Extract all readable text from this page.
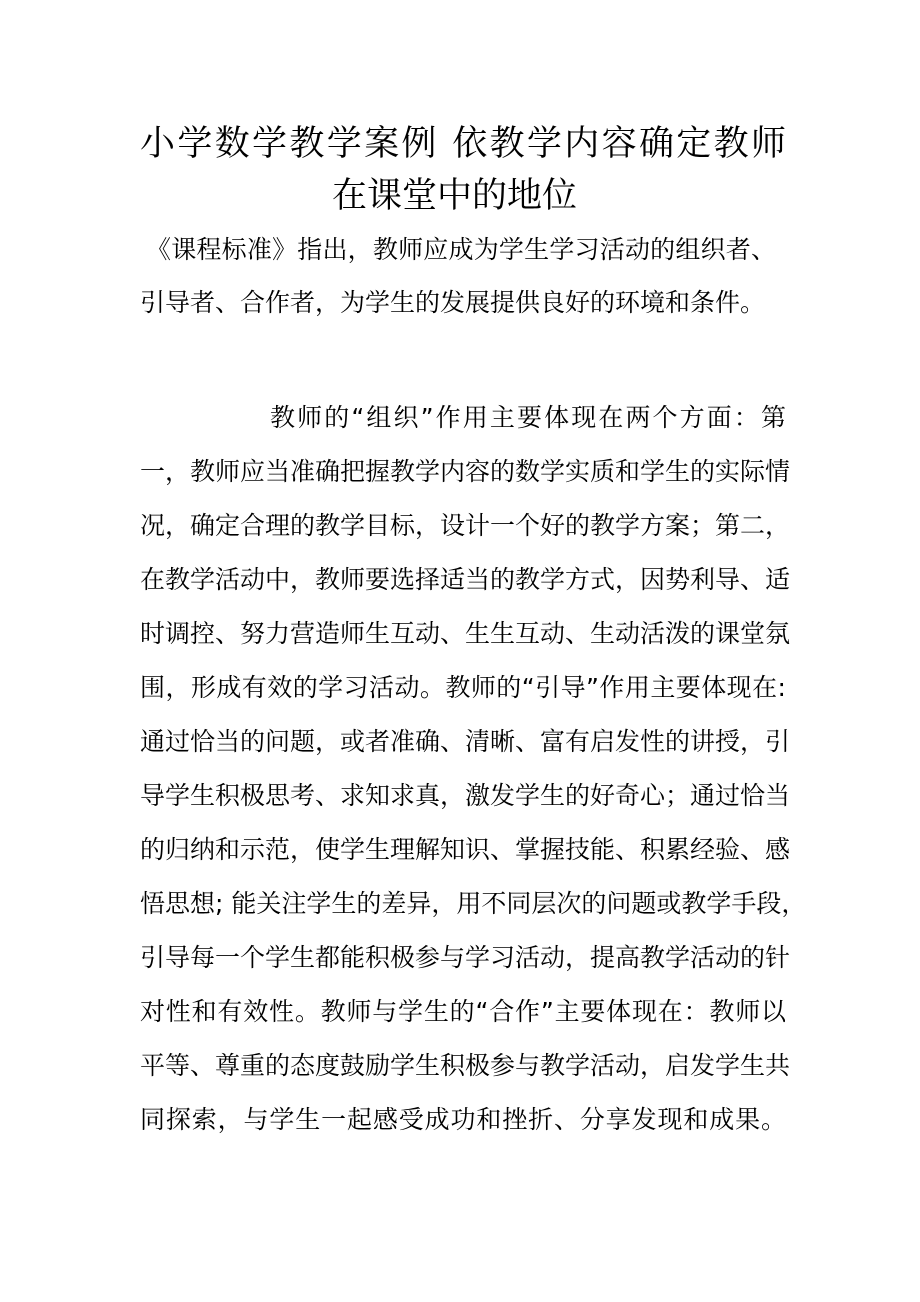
小学数学教学案例 依教学内容确定教师
在课堂中的地位
《课程标准》指出，教师应成为学生学习活动的组织者、
引导者、合作者，为学生的发展提供良好的环境和条件。
教师的“组织”作用主要体现在两个方面：第
一，教师应当准确把握教学内容的数学实质和学生的实际情
况，确定合理的教学目标，设计一个好的教学方案；第二，
在教学活动中，教师要选择适当的教学方式，因势利导、适
时调控、努力营造师生互动、生生互动、生动活泼的课堂氛
围，形成有效的学习活动。教师的“引导”作用主要体现在:
通过恰当的问题，或者准确、清晰、富有启发性的讲授，引
导学生积极思考、求知求真，激发学生的好奇心；通过恰当
的归纳和示范，使学生理解知识、掌握技能、积累经验、感
悟思想; 能关注学生的差异，用不同层次的问题或教学手段，
引导每一个学生都能积极参与学习活动，提高教学活动的针
对性和有效性。教师与学生的“合作”主要体现在：教师以
平等、尊重的态度鼓励学生积极参与教学活动，启发学生共
同探索，与学生一起感受成功和挫折、分享发现和成果。
